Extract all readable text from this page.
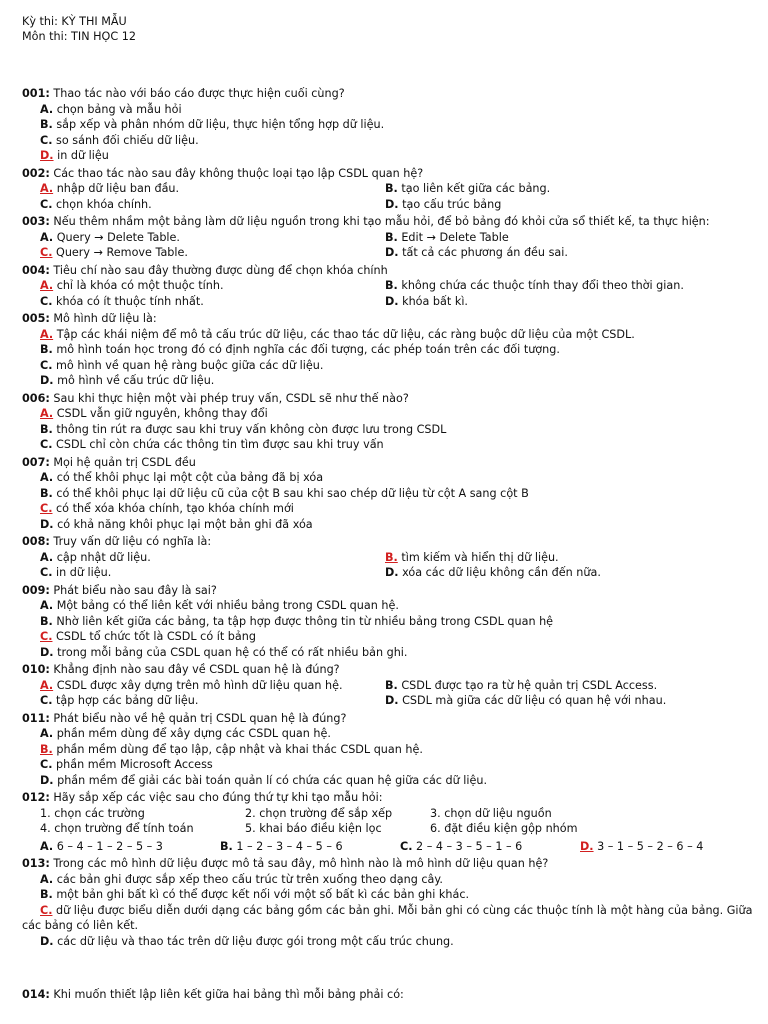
Kỳ thi: KỲ THI MẪU
Môn thi: TIN HỌC 12
001: Thao tác nào với báo cáo được thực hiện cuối cùng?
A. chọn bảng và mẫu hỏi
B. sắp xếp và phân nhóm dữ liệu, thực hiện tổng hợp dữ liệu.
C. so sánh đối chiếu dữ liệu.
D. in dữ liệu
002: Các thao tác nào sau đây không thuộc loại tạo lập CSDL quan hệ?
A. nhập dữ liệu ban đầu.	B. tạo liên kết giữa các bảng.
C. chọn khóa chính.	D. tạo cấu trúc bảng
003: Nếu thêm nhầm một bảng làm dữ liệu nguồn trong khi tạo mẫu hỏi, để bỏ bảng đó khỏi cửa sổ thiết kế, ta thực hiện:
A. Query → Delete Table.	B. Edit → Delete Table
C. Query → Remove Table.	D. tất cả các phương án đều sai.
004: Tiêu chí nào sau đây thường được dùng để chọn khóa chính
A. chỉ là khóa có một thuộc tính.	B. không chứa các thuộc tính thay đổi theo thời gian.
C. khóa có ít thuộc tính nhất.	D. khóa bất kì.
005: Mô hình dữ liệu là:
A. Tập các khái niệm để mô tả cấu trúc dữ liệu, các thao tác dữ liệu, các ràng buộc dữ liệu của một CSDL.
B. mô hình toán học trong đó có định nghĩa các đối tượng, các phép toán trên các đối tượng.
C. mô hình về quan hệ ràng buộc giữa các dữ liệu.
D. mô hình về cấu trúc dữ liệu.
006: Sau khi thực hiện một vài phép truy vấn, CSDL sẽ như thế nào?
A. CSDL vẫn giữ nguyên, không thay đổi
B. thông tin rút ra được sau khi truy vấn không còn được lưu trong CSDL
C. CSDL chỉ còn chứa các thông tin tìm được sau khi truy vấn
007: Mọi hệ quản trị CSDL đều
A. có thể khôi phục lại một cột của bảng đã bị xóa
B. có thể khôi phục lại dữ liệu cũ của cột B sau khi sao chép dữ liệu từ cột A sang cột B
C. có thể xóa khóa chính, tạo khóa chính mới
D. có khả năng khôi phục lại một bản ghi đã xóa
008: Truy vấn dữ liệu có nghĩa là:
A. cập nhật dữ liệu.	B. tìm kiếm và hiển thị dữ liệu.
C. in dữ liệu.	D. xóa các dữ liệu không cần đến nữa.
009: Phát biểu nào sau đây là sai?
A. Một bảng có thể liên kết với nhiều bảng trong CSDL quan hệ.
B. Nhờ liên kết giữa các bảng, ta tập hợp được thông tin từ nhiều bảng trong CSDL quan hệ
C. CSDL tổ chức tốt là CSDL có ít bảng
D. trong mỗi bảng của CSDL quan hệ có thể có rất nhiều bản ghi.
010: Khẳng định nào sau đây về CSDL quan hệ là đúng?
A. CSDL được xây dựng trên mô hình dữ liệu quan hệ.	B. CSDL được tạo ra từ hệ quản trị CSDL Access.
C. tập hợp các bảng dữ liệu.	D. CSDL mà giữa các dữ liệu có quan hệ với nhau.
011: Phát biểu nào về hệ quản trị CSDL quan hệ là đúng?
A. phần mềm dùng để xây dựng các CSDL quan hệ.
B. phần mềm dùng để tạo lập, cập nhật và khai thác CSDL quan hệ.
C. phần mềm Microsoft Access
D. phần mềm để giải các bài toán quản lí có chứa các quan hệ giữa các dữ liệu.
012: Hãy sắp xếp các việc sau cho đúng thứ tự khi tạo mẫu hỏi:
1. chọn các trường	2. chọn trường để sắp xếp	3. chọn dữ liệu nguồn
4. chọn trường để tính toán	5. khai báo điều kiện lọc	6. đặt điều kiện gộp nhóm
A. 6 – 4 – 1 – 2 – 5 – 3	B. 1 – 2 – 3 – 4 – 5 – 6	C. 2 – 4 – 3 – 5 – 1 – 6	D. 3 – 1 – 5 – 2 – 6 – 4
013: Trong các mô hình dữ liệu được mô tả sau đây, mô hình nào là mô hình dữ liệu quan hệ?
A. các bản ghi được sắp xếp theo cấu trúc từ trên xuống theo dạng cây.
B. một bản ghi bất kì có thể được kết nối với một số bất kì các bản ghi khác.
C. dữ liệu được biểu diễn dưới dạng các bảng gồm các bản ghi. Mỗi bản ghi có cùng các thuộc tính là một hàng của bảng. Giữa các bảng có liên kết.
D. các dữ liệu và thao tác trên dữ liệu được gói trong một cấu trúc chung.
014: Khi muốn thiết lập liên kết giữa hai bảng thì mỗi bảng phải có:
